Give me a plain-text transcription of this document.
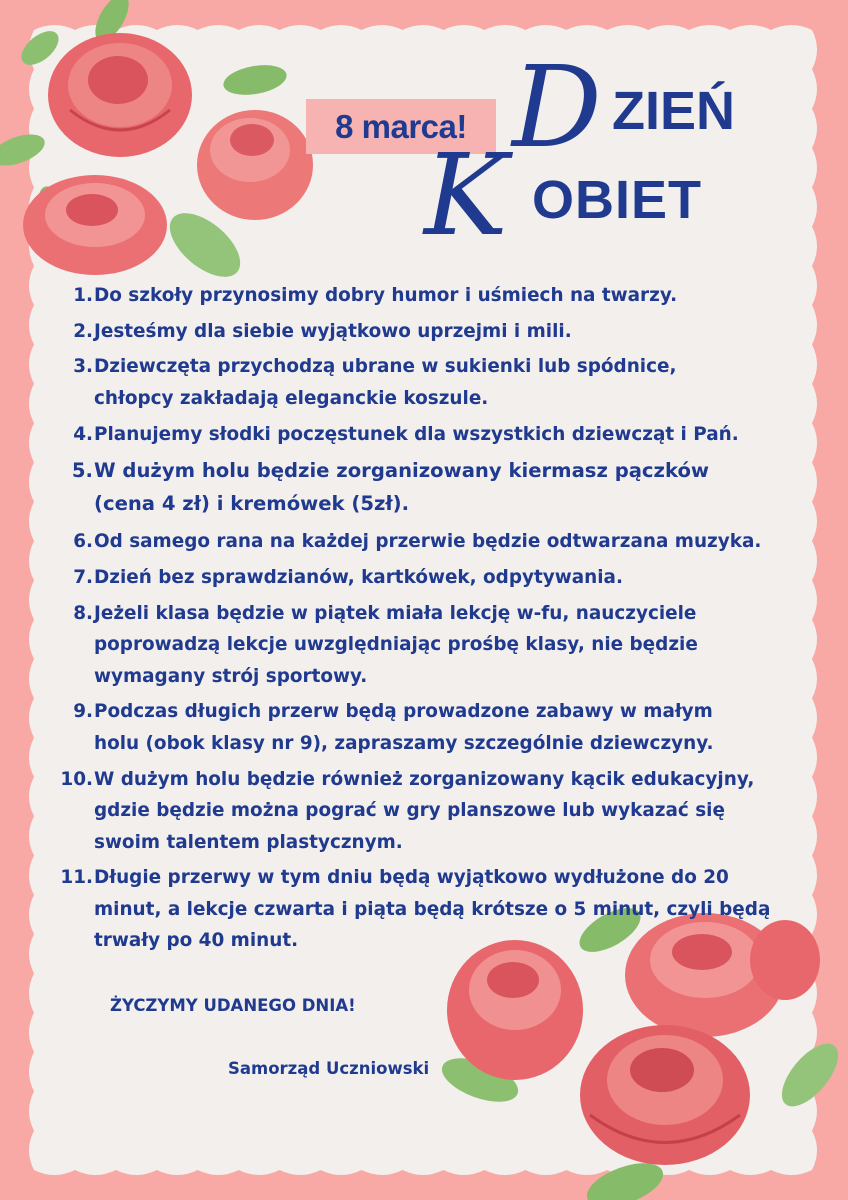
8 marca! D ZIEŃ
K OBIET
1. Do szkoły przynosimy dobry humor i uśmiech na twarzy.
2. Jesteśmy dla siebie wyjątkowo uprzejmi i mili.
3. Dziewczęta przychodzą ubrane w sukienki lub spódnice,
chłopcy zakładają eleganckie koszule.
4. Planujemy słodki poczęstunek dla wszystkich dziewcząt i Pań.
5. W dużym holu będzie zorganizowany kiermasz pączków
(cena 4 zł) i kremówek (5zł).
6. Od samego rana na każdej przerwie będzie odtwarzana muzyka.
7. Dzień bez sprawdzianów, kartkówek, odpytywania.
8. Jeżeli klasa będzie w piątek miała lekcję w-fu, nauczyciele
poprowadzą lekcje uwzględniając prośbę klasy, nie będzie
wymagany strój sportowy.
9. Podczas długich przerw będą prowadzone zabawy w małym
holu (obok klasy nr 9), zapraszamy szczególnie dziewczyny.
10. W dużym holu będzie również zorganizowany kącik edukacyjny,
gdzie będzie można pograć w gry planszowe lub wykazać się
swoim talentem plastycznym.
11. Długie przerwy w tym dniu będą wyjątkowo wydłużone do 20
minut, a lekcje czwarta i piąta będą krótsze o 5 minut, czyli będą
trwały po 40 minut.
ŻYCZYMY UDANEGO DNIA!
Samorząd Uczniowski
